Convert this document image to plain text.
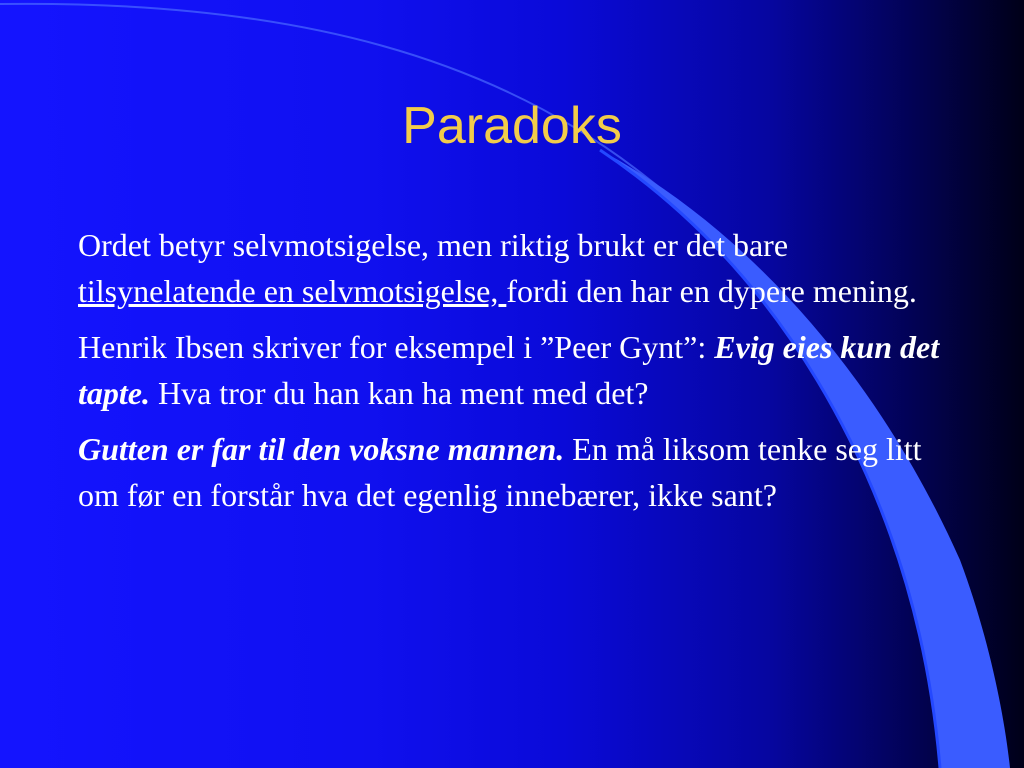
Paradoks

Ordet betyr selvmotsigelse, men riktig brukt er det bare tilsynelatende en selvmotsigelse, fordi den har en dypere mening.

Henrik Ibsen skriver for eksempel i ”Peer Gynt”: Evig eies kun det tapte. Hva tror du han kan ha ment med det?

Gutten er far til den voksne mannen. En må liksom tenke seg litt om før en forstår hva det egenlig innebærer, ikke sant?
